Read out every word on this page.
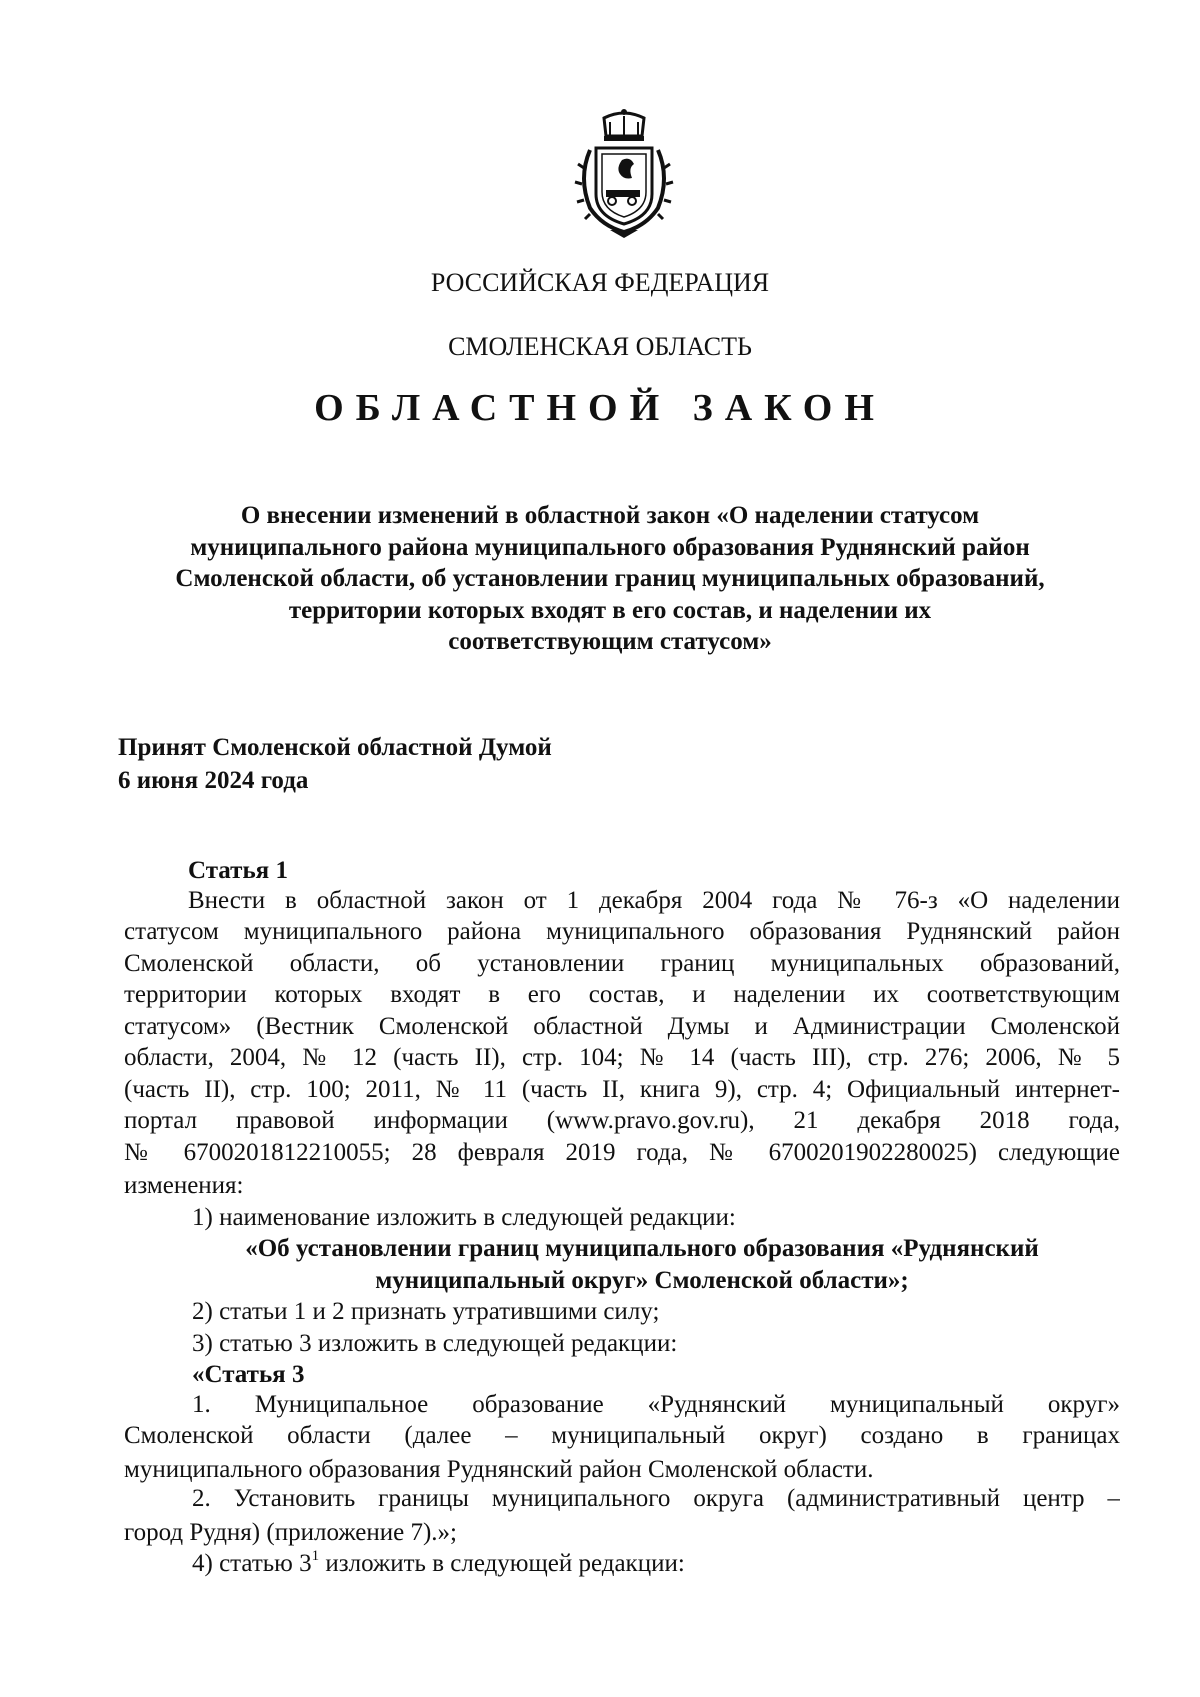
РОССИЙСКАЯ ФЕДЕРАЦИЯ
СМОЛЕНСКАЯ ОБЛАСТЬ
ОБЛАСТНОЙ ЗАКОН
О внесении изменений в областной закон «О наделении статусом
муниципального района муниципального образования Руднянский район
Смоленской области, об установлении границ муниципальных образований,
территории которых входят в его состав, и наделении их
соответствующим статусом»
Принят Смоленской областной Думой
6 июня 2024 года
Статья 1
Внести в областной закон от 1 декабря 2004 года № 76-з «О наделении
статусом муниципального района муниципального образования Руднянский район
Смоленской области, об установлении границ муниципальных образований,
территории которых входят в его состав, и наделении их соответствующим
статусом» (Вестник Смоленской областной Думы и Администрации Смоленской
области, 2004, № 12 (часть II), стр. 104; № 14 (часть III), стр. 276; 2006, № 5
(часть II), стр. 100; 2011, № 11 (часть II, книга 9), стр. 4; Официальный интернет-
портал правовой информации (www.pravo.gov.ru), 21 декабря 2018 года,
№ 6700201812210055; 28 февраля 2019 года, № 6700201902280025) следующие
изменения:
1) наименование изложить в следующей редакции:
«Об установлении границ муниципального образования «Руднянский
муниципальный округ» Смоленской области»;
2) статьи 1 и 2 признать утратившими силу;
3) статью 3 изложить в следующей редакции:
«Статья 3
1. Муниципальное образование «Руднянский муниципальный округ»
Смоленской области (далее – муниципальный округ) создано в границах
муниципального образования Руднянский район Смоленской области.
2. Установить границы муниципального округа (административный центр –
город Рудня) (приложение 7).»;
4) статью $3^1$ изложить в следующей редакции:
